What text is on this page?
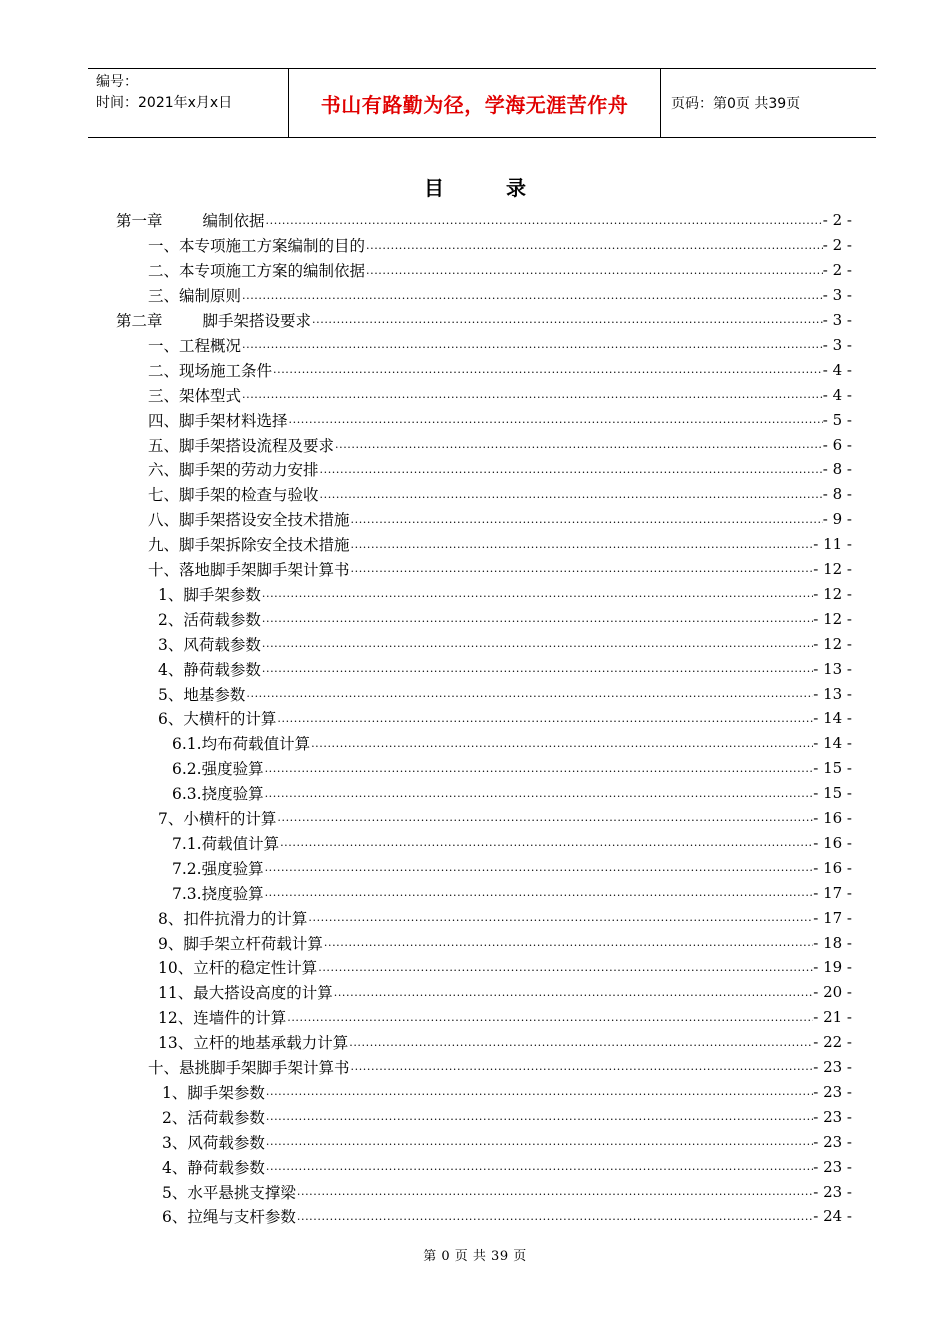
编号：
时间：2021年x月x日	书山有路勤为径，学海无涯苦作舟	页码：第0页 共39页
目	录
第一章	编制依据 .....	- 2 -
一、本专项施工方案编制的目的 .....	- 2 -
二、本专项施工方案的编制依据 .....	- 2 -
三、编制原则 .....	- 3 -
第二章	脚手架搭设要求 .....	- 3 -
一、工程概况 .....	- 3 -
二、现场施工条件 .....	- 4 -
三、架体型式 .....	- 4 -
四、脚手架材料选择 .....	- 5 -
五、脚手架搭设流程及要求 .....	- 6 -
六、脚手架的劳动力安排 .....	- 8 -
七、脚手架的检查与验收 .....	- 8 -
八、脚手架搭设安全技术措施 .....	- 9 -
九、脚手架拆除安全技术措施 .....	- 11 -
十、落地脚手架脚手架计算书 .....	- 12 -
1、脚手架参数 .....	- 12 -
2、活荷载参数 .....	- 12 -
3、风荷载参数 .....	- 12 -
4、静荷载参数 .....	- 13 -
5、地基参数 .....	- 13 -
6、大横杆的计算 .....	- 14 -
6.1.均布荷载值计算 .....	- 14 -
6.2.强度验算 .....	- 15 -
6.3.挠度验算 .....	- 15 -
7、小横杆的计算 .....	- 16 -
7.1.荷载值计算 .....	- 16 -
7.2.强度验算 .....	- 16 -
7.3.挠度验算 .....	- 17 -
8、扣件抗滑力的计算 .....	- 17 -
9、脚手架立杆荷载计算 .....	- 18 -
10、立杆的稳定性计算 .....	- 19 -
11、最大搭设高度的计算 .....	- 20 -
12、连墙件的计算 .....	- 21 -
13、立杆的地基承载力计算 .....	- 22 -
十、悬挑脚手架脚手架计算书 .....	- 23 -
1、脚手架参数 .....	- 23 -
2、活荷载参数 .....	- 23 -
3、风荷载参数 .....	- 23 -
4、静荷载参数 .....	- 23 -
5、水平悬挑支撑梁 .....	- 23 -
6、拉绳与支杆参数 .....	- 24 -
第 0 页 共 39 页
